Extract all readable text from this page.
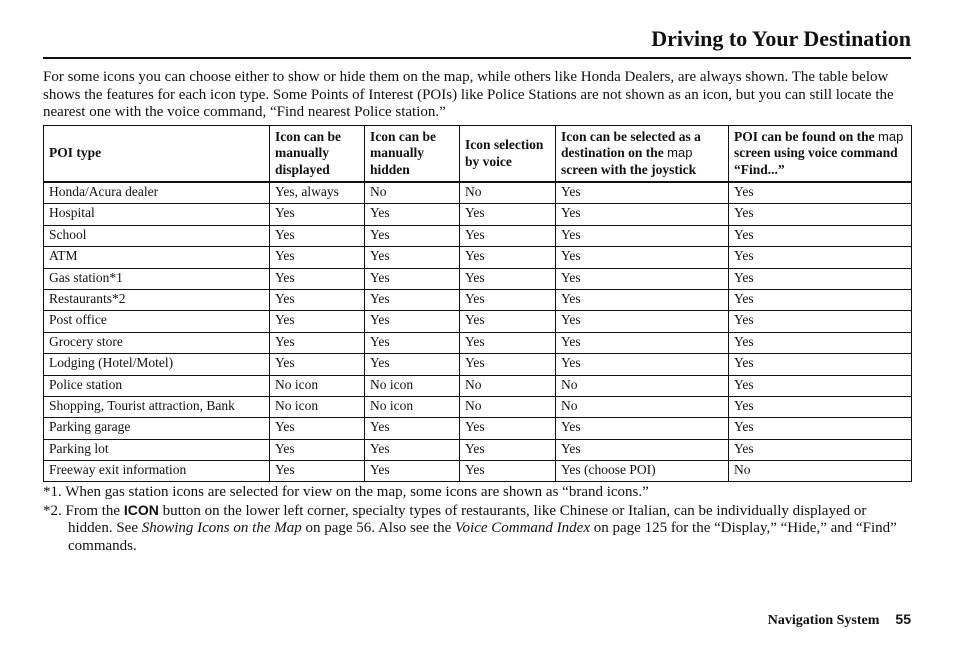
Driving to Your Destination
For some icons you can choose either to show or hide them on the map, while others like Honda Dealers, are always shown. The table below shows the features for each icon type. Some Points of Interest (POIs) like Police Stations are not shown as an icon, but you can still locate the nearest one with the voice command, “Find nearest Police station.”
POI type	Icon can be manually displayed	Icon can be manually hidden	Icon selection by voice	Icon can be selected as a destination on the map screen with the joystick	POI can be found on the map screen using voice command “Find...”
Honda/Acura dealer	Yes, always	No	No	Yes	Yes
Hospital	Yes	Yes	Yes	Yes	Yes
School	Yes	Yes	Yes	Yes	Yes
ATM	Yes	Yes	Yes	Yes	Yes
Gas station*1	Yes	Yes	Yes	Yes	Yes
Restaurants*2	Yes	Yes	Yes	Yes	Yes
Post office	Yes	Yes	Yes	Yes	Yes
Grocery store	Yes	Yes	Yes	Yes	Yes
Lodging (Hotel/Motel)	Yes	Yes	Yes	Yes	Yes
Police station	No icon	No icon	No	No	Yes
Shopping, Tourist attraction, Bank	No icon	No icon	No	No	Yes
Parking garage	Yes	Yes	Yes	Yes	Yes
Parking lot	Yes	Yes	Yes	Yes	Yes
Freeway exit information	Yes	Yes	Yes	Yes (choose POI)	No
*1. When gas station icons are selected for view on the map, some icons are shown as “brand icons.”
*2. From the ICON button on the lower left corner, specialty types of restaurants, like Chinese or Italian, can be individually displayed or hidden. See Showing Icons on the Map on page 56. Also see the Voice Command Index on page 125 for the “Display,” “Hide,” and “Find” commands.
Navigation System 55
